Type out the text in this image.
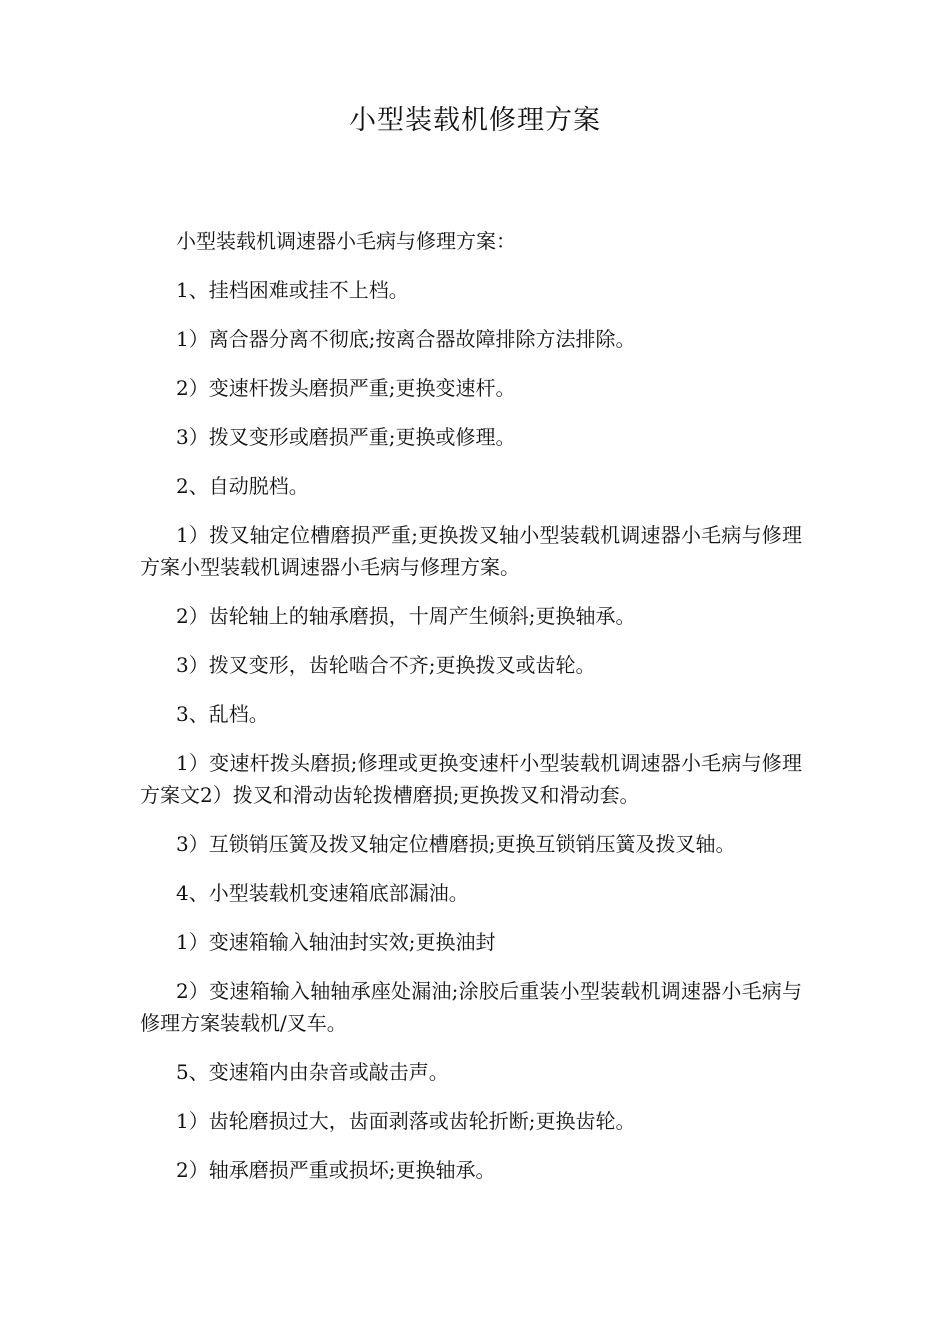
小型装载机修理方案

小型装载机调速器小毛病与修理方案：

1、挂档困难或挂不上档。

1）离合器分离不彻底;按离合器故障排除方法排除。

2）变速杆拨头磨损严重;更换变速杆。

3）拨叉变形或磨损严重;更换或修理。

2、自动脱档。

1）拨叉轴定位槽磨损严重;更换拨叉轴小型装载机调速器小毛病与修理方案小型装载机调速器小毛病与修理方案。

2）齿轮轴上的轴承磨损，十周产生倾斜;更换轴承。

3）拨叉变形，齿轮啮合不齐;更换拨叉或齿轮。

3、乱档。

1）变速杆拨头磨损;修理或更换变速杆小型装载机调速器小毛病与修理方案文2）拨叉和滑动齿轮拨槽磨损;更换拨叉和滑动套。

3）互锁销压簧及拨叉轴定位槽磨损;更换互锁销压簧及拨叉轴。

4、小型装载机变速箱底部漏油。

1）变速箱输入轴油封实效;更换油封

2）变速箱输入轴轴承座处漏油;涂胶后重装小型装载机调速器小毛病与修理方案装载机/叉车。

5、变速箱内由杂音或敲击声。

1）齿轮磨损过大，齿面剥落或齿轮折断;更换齿轮。

2）轴承磨损严重或损坏;更换轴承。
